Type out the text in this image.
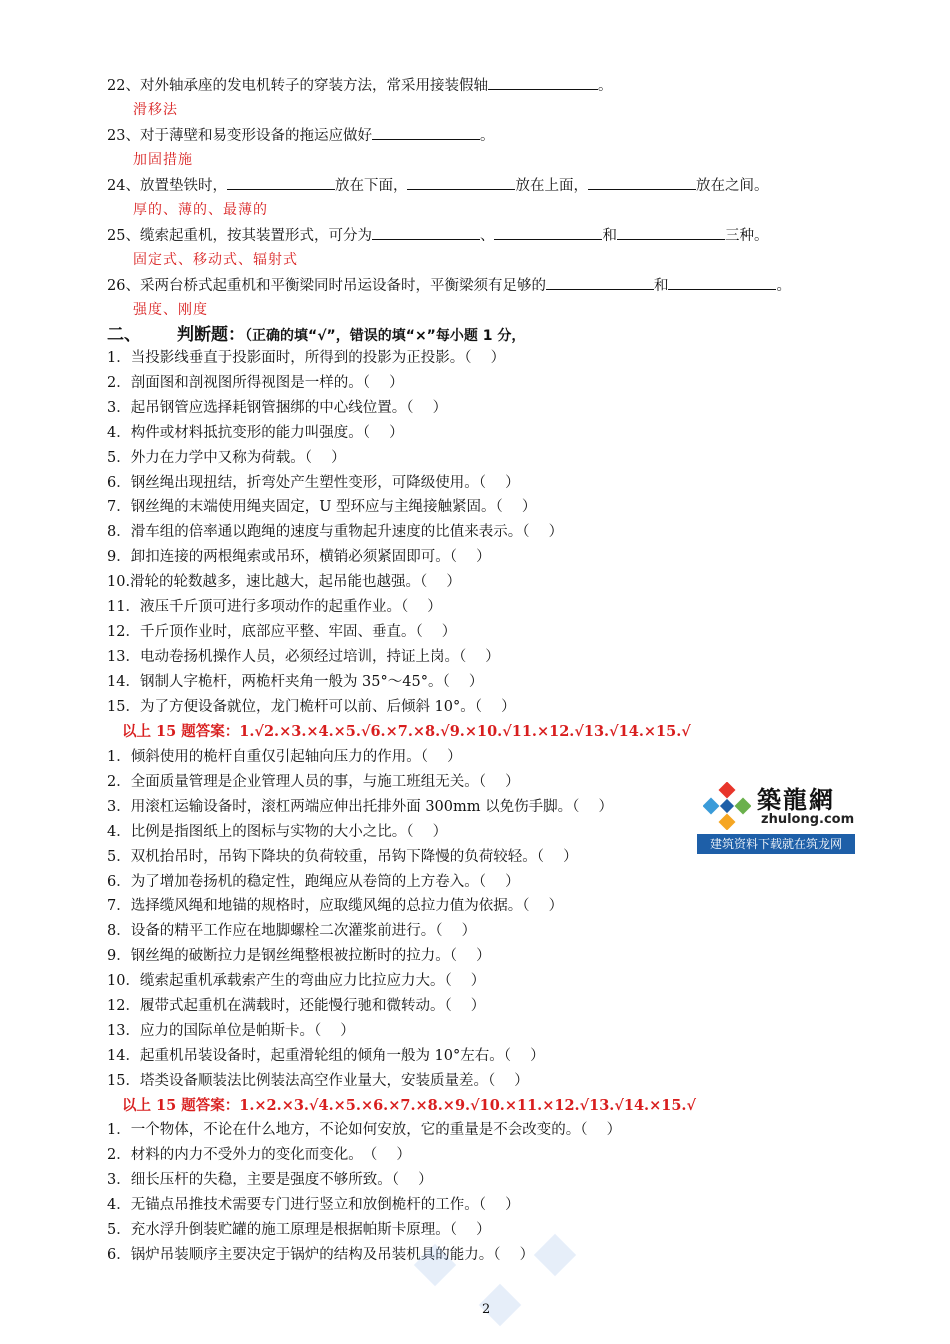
22、对外轴承座的发电机转子的穿装方法，常采用接装假轴	。
滑移法
23、对于薄壁和易变形设备的拖运应做好	。
加固措施
24、放置垫铁时，	放在下面，	放在上面，	放在之间。
厚的、薄的、最薄的
25、缆索起重机，按其装置形式，可分为	、	和	三种。
固定式、移动式、辐射式
26、采两台桥式起重机和平衡梁同时吊运设备时，平衡梁须有足够的	和	。
强度、刚度
二、 判断题：（正确的填“√”，错误的填“×”每小题 1 分，
1．当投影线垂直于投影面时，所得到的投影为正投影。（　 ）
2．剖面图和剖视图所得视图是一样的。（　 ）
3．起吊钢管应选择耗钢管捆绑的中心线位置。（　 ）
4．构件或材料抵抗变形的能力叫强度。（　 ）
5．外力在力学中又称为荷载。（　 ）
6．钢丝绳出现扭结，折弯处产生塑性变形，可降级使用。（　 ）
7．钢丝绳的末端使用绳夹固定，U 型环应与主绳接触紧固。（　 ）
8．滑车组的倍率通以跑绳的速度与重物起升速度的比值来表示。（　 ）
9．卸扣连接的两根绳索或吊环，横销必须紧固即可。（　 ）
10.滑轮的轮数越多，速比越大，起吊能也越强。（　 ）
11．液压千斤顶可进行多项动作的起重作业。（　 ）
12．千斤顶作业时，底部应平整、牢固、垂直。（　 ）
13．电动卷扬机操作人员，必须经过培训，持证上岗。（　 ）
14．钢制人字桅杆，两桅杆夹角一般为 35°～45°。（　 ）
15．为了方便设备就位，龙门桅杆可以前、后倾斜 10°。（　 ）
以上 15 题答案：1.√2.×3.×4.×5.√6.×7.×8.√9.×10.√11.×12.√13.√14.×15.√
1．倾斜使用的桅杆自重仅引起轴向压力的作用。（　 ）
2．全面质量管理是企业管理人员的事，与施工班组无关。（　 ）
3．用滚杠运输设备时，滚杠两端应伸出托排外面 300mm 以免伤手脚。（　 ）
4．比例是指图纸上的图标与实物的大小之比。（　 ）
5．双机抬吊时，吊钩下降块的负荷较重，吊钩下降慢的负荷较轻。（　 ）
6．为了增加卷扬机的稳定性，跑绳应从卷筒的上方卷入。（　 ）
7．选择缆风绳和地锚的规格时，应取缆风绳的总拉力值为依据。（　 ）
8．设备的精平工作应在地脚螺栓二次灌浆前进行。（　 ）
9．钢丝绳的破断拉力是钢丝绳整根被拉断时的拉力。（　 ）
10．缆索起重机承载索产生的弯曲应力比拉应力大。（　 ）
12．履带式起重机在满载时，还能慢行驰和微转动。（　 ）
13．应力的国际单位是帕斯卡。（　 ）
14．起重机吊装设备时，起重滑轮组的倾角一般为 10°左右。（　 ）
15．塔类设备顺装法比例装法高空作业量大，安装质量差。（　 ）
以上 15 题答案：1.×2.×3.√4.×5.×6.×7.×8.×9.√10.×11.×12.√13.√14.×15.√
1．一个物体，不论在什么地方，不论如何安放，它的重量是不会改变的。（　 ）
2．材料的内力不受外力的变化而变化。　（　 ）
3．细长压杆的失稳，主要是强度不够所致。（　 ）
4．无锚点吊推技术需要专门进行竖立和放倒桅杆的工作。（　 ）
5．充水浮升倒装贮罐的施工原理是根据帕斯卡原理。（　 ）
6．锅炉吊装顺序主要决定于锅炉的结构及吊装机具的能力。（　 ）
築龍網
zhulong.com
建筑资料下载就在筑龙网
2
